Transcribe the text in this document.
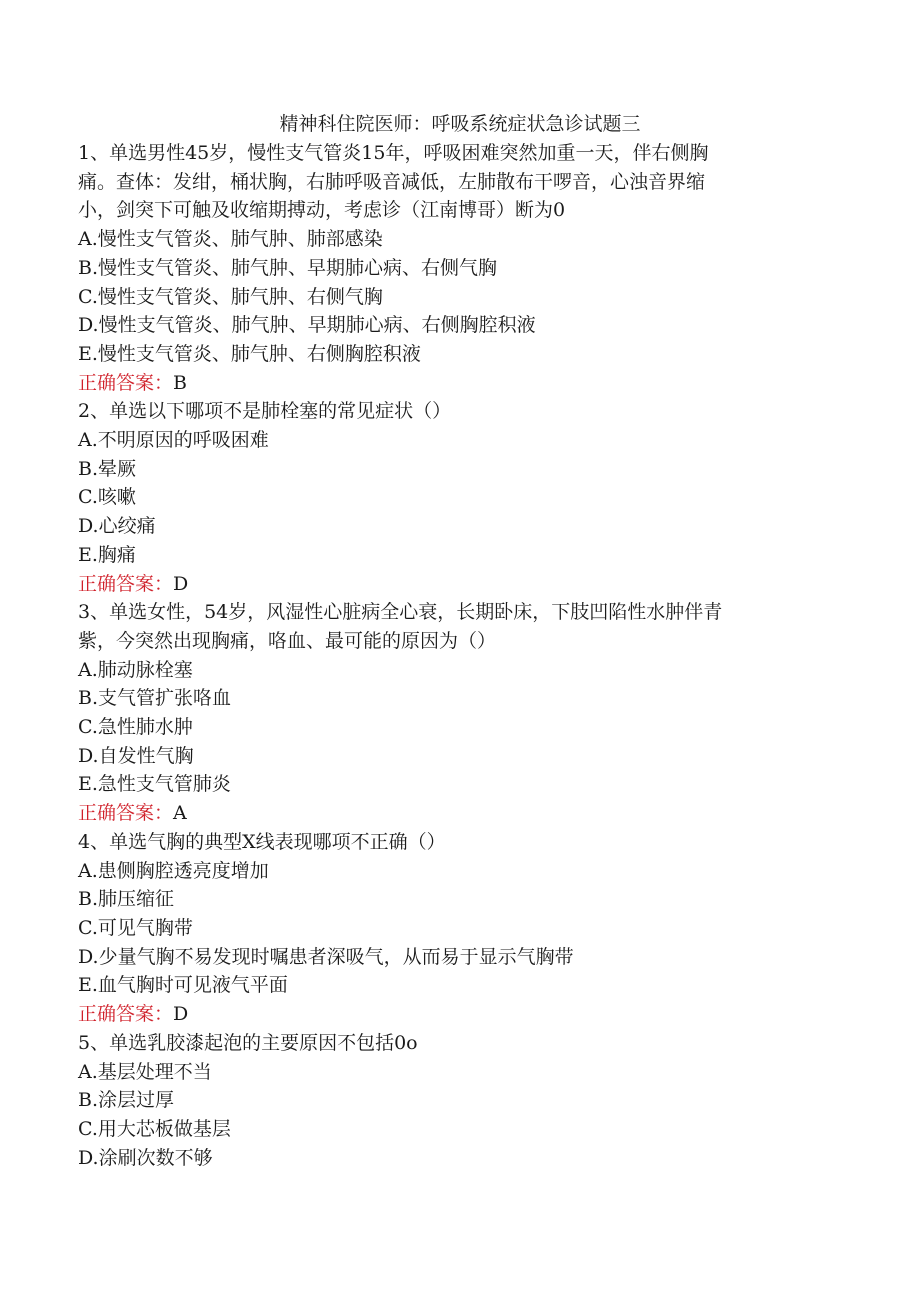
精神科住院医师：呼吸系统症状急诊试题三
1、单选男性45岁，慢性支气管炎15年，呼吸困难突然加重一天，伴右侧胸
痛。查体：发绀，桶状胸，右肺呼吸音减低，左肺散布干啰音，心浊音界缩
小，剑突下可触及收缩期搏动，考虑诊（江南博哥）断为0
A.慢性支气管炎、肺气肿、肺部感染
B.慢性支气管炎、肺气肿、早期肺心病、右侧气胸
C.慢性支气管炎、肺气肿、右侧气胸
D.慢性支气管炎、肺气肿、早期肺心病、右侧胸腔积液
E.慢性支气管炎、肺气肿、右侧胸腔积液
正确答案：B
2、单选以下哪项不是肺栓塞的常见症状（）
A.不明原因的呼吸困难
B.晕厥
C.咳嗽
D.心绞痛
E.胸痛
正确答案：D
3、单选女性，54岁，风湿性心脏病全心衰，长期卧床，下肢凹陷性水肿伴青
紫，今突然出现胸痛，咯血、最可能的原因为（）
A.肺动脉栓塞
B.支气管扩张咯血
C.急性肺水肿
D.自发性气胸
E.急性支气管肺炎
正确答案：A
4、单选气胸的典型X线表现哪项不正确（）
A.患侧胸腔透亮度增加
B.肺压缩征
C.可见气胸带
D.少量气胸不易发现时嘱患者深吸气，从而易于显示气胸带
E.血气胸时可见液气平面
正确答案：D
5、单选乳胶漆起泡的主要原因不包括0o
A.基层处理不当
B.涂层过厚
C.用大芯板做基层
D.涂刷次数不够
